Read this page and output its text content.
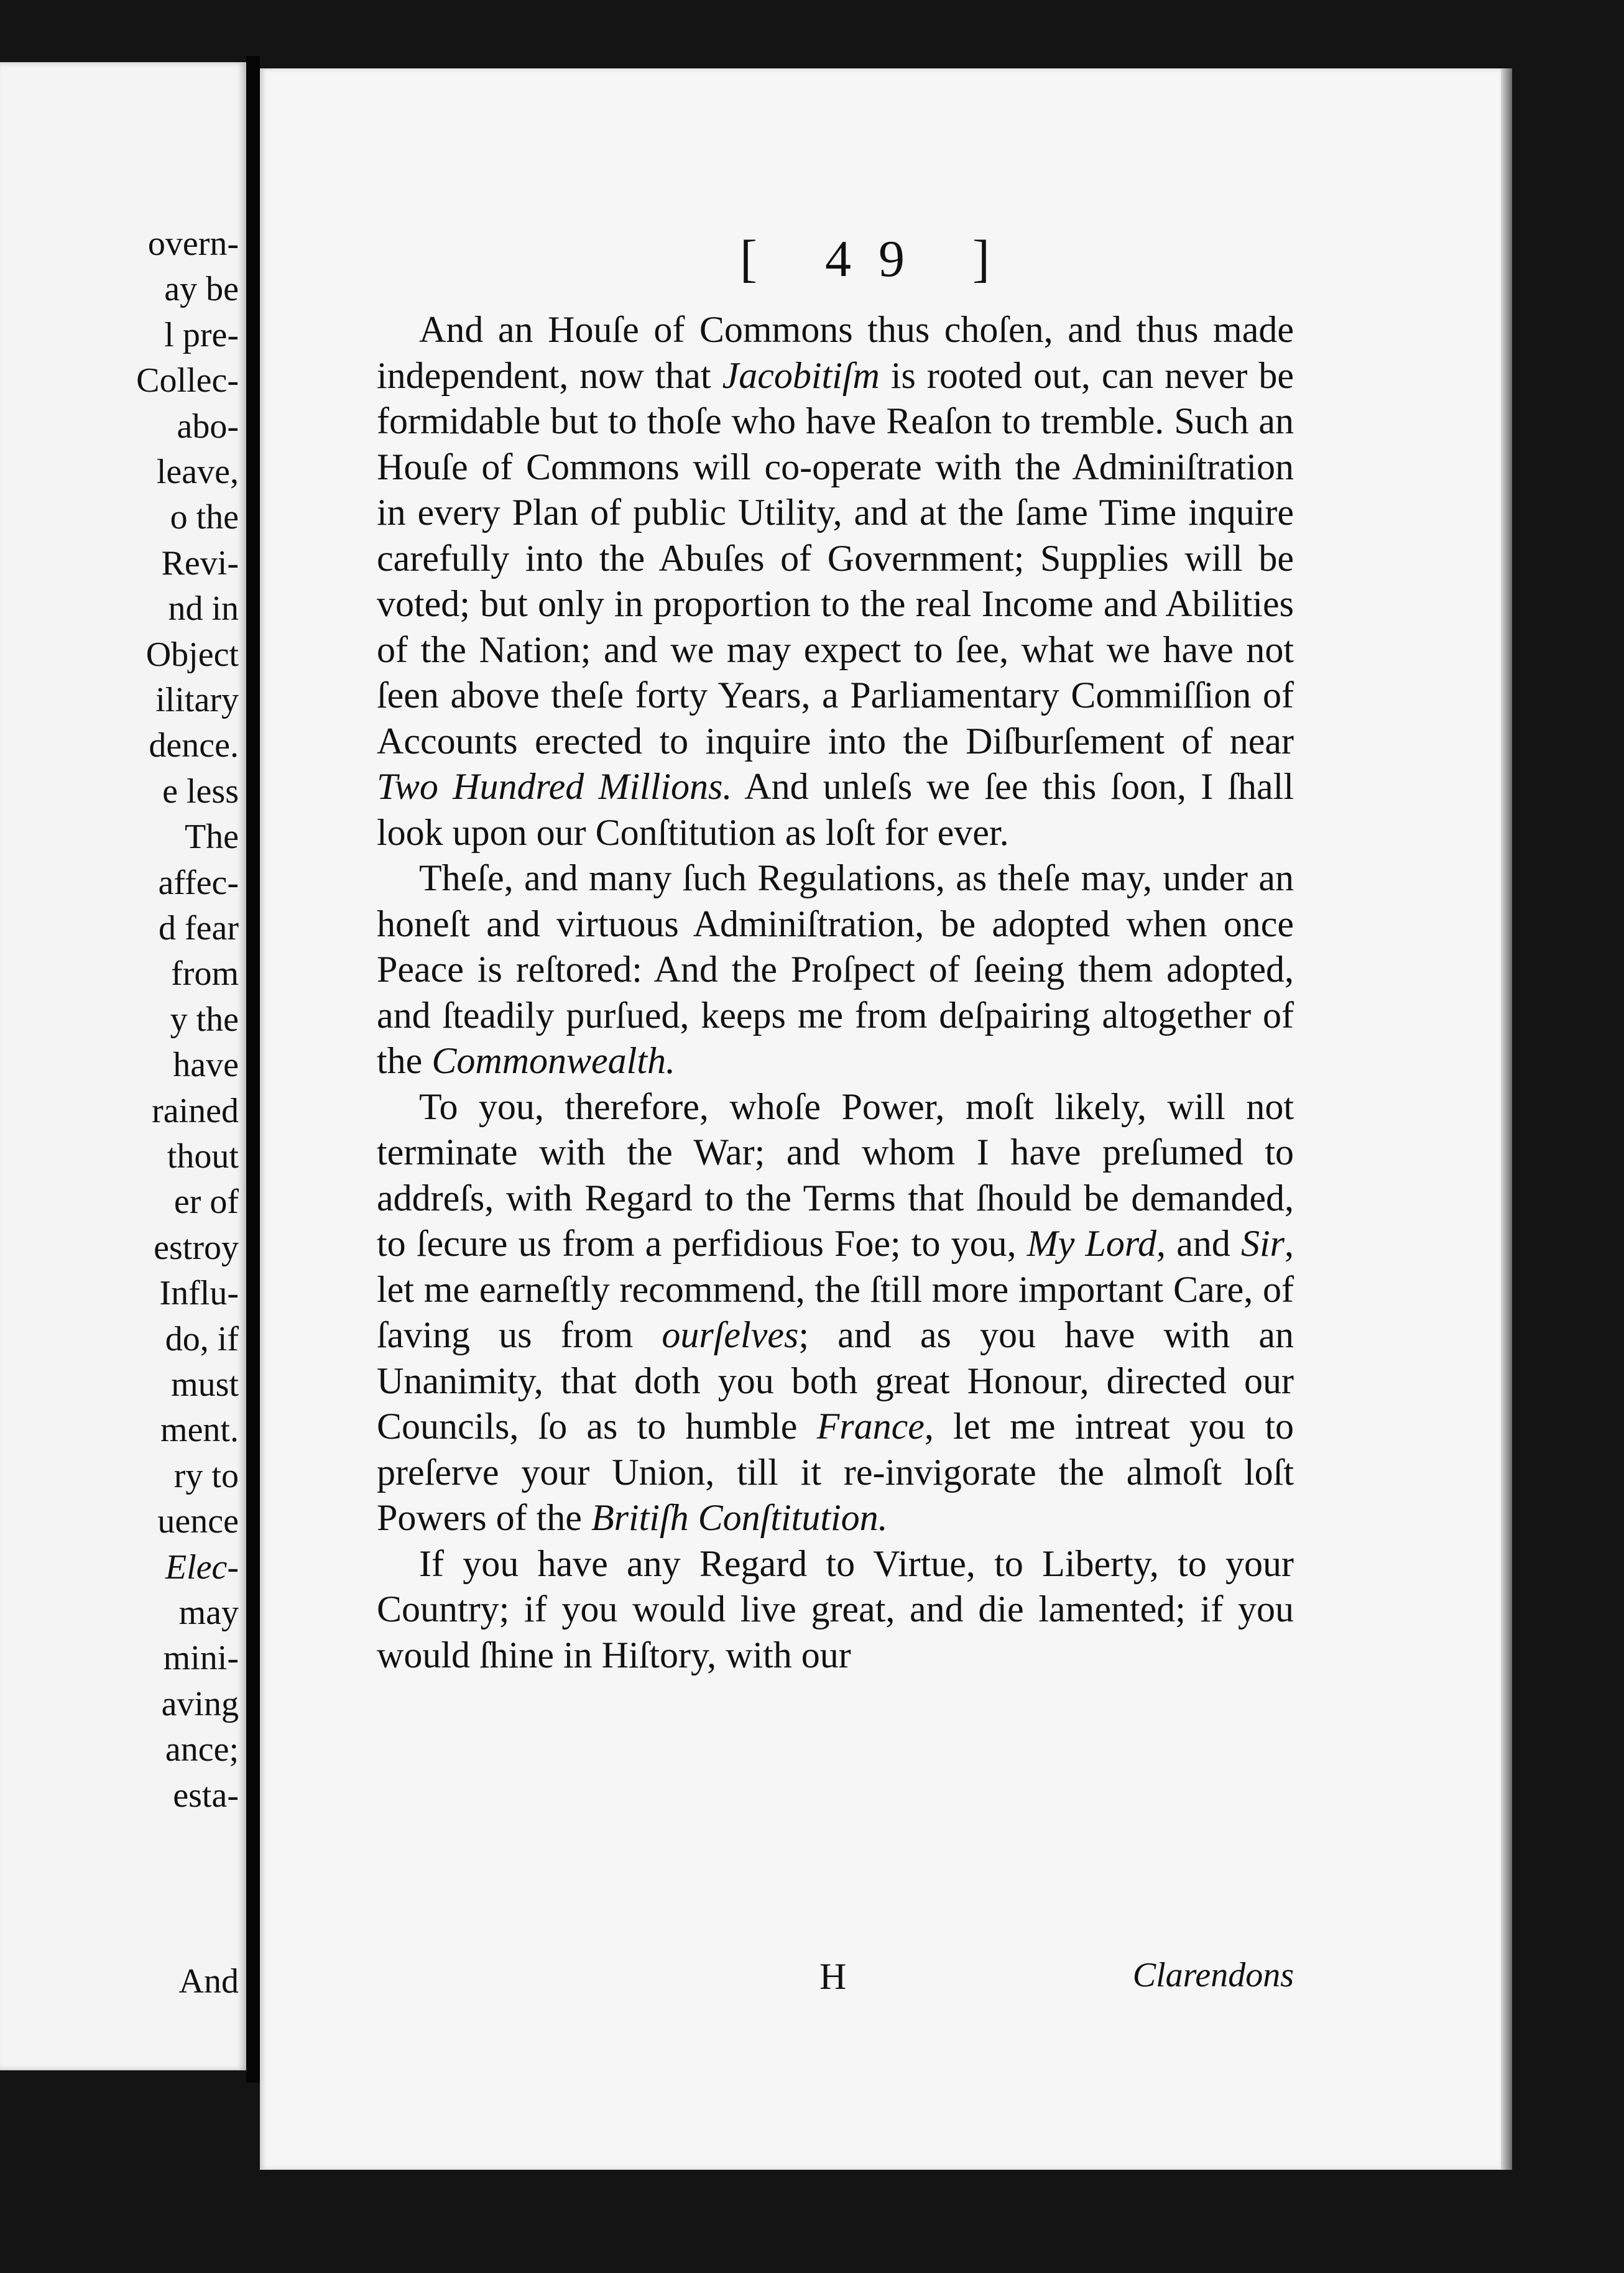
overn-
ay be
l pre-
Collec-
abo-
leave,
o the
Revi-
nd in
Object
ilitary
dence.
e less
The
affec-
d fear
from
y the
have
rained
thout
er of
estroy
Influ-
do, if
must
ment.
ry to
uence
Elec-
may
mini-
aving
ance;
esta-
And
[ 49 ]

And an Houſe of Commons thus choſen, and thus made independent, now that Jacobitiſm is rooted out, can never be formidable but to thoſe who have Reaſon to tremble. Such an Houſe of Commons will co-operate with the Adminiſtration in every Plan of public Utility, and at the ſame Time inquire carefully into the Abuſes of Government; Supplies will be voted; but only in proportion to the real Income and Abilities of the Nation; and we may expect to ſee, what we have not ſeen above theſe forty Years, a Parliamentary Commiſſion of Accounts erected to inquire into the Diſburſement of near Two Hundred Millions. And unleſs we ſee this ſoon, I ſhall look upon our Conſtitution as loſt for ever.

Theſe, and many ſuch Regulations, as theſe may, under an honeſt and virtuous Adminiſtration, be adopted when once Peace is reſtored: And the Proſpect of ſeeing them adopted, and ſteadily purſued, keeps me from deſpairing altogether of the Commonwealth.

To you, therefore, whoſe Power, moſt likely, will not terminate with the War; and whom I have preſumed to addreſs, with Regard to the Terms that ſhould be demanded, to ſecure us from a perfidious Foe; to you, My Lord, and Sir, let me earneſtly recommend, the ſtill more important Care, of ſaving us from ourſelves; and as you have with an Unanimity, that doth you both great Honour, directed our Councils, ſo as to humble France, let me intreat you to preſerve your Union, till it re-invigorate the almoſt loſt Powers of the Britiſh Conſtitution.

If you have any Regard to Virtue, to Liberty, to your Country; if you would live great, and die lamented; if you would ſhine in Hiſtory, with our

H	Clarendons
